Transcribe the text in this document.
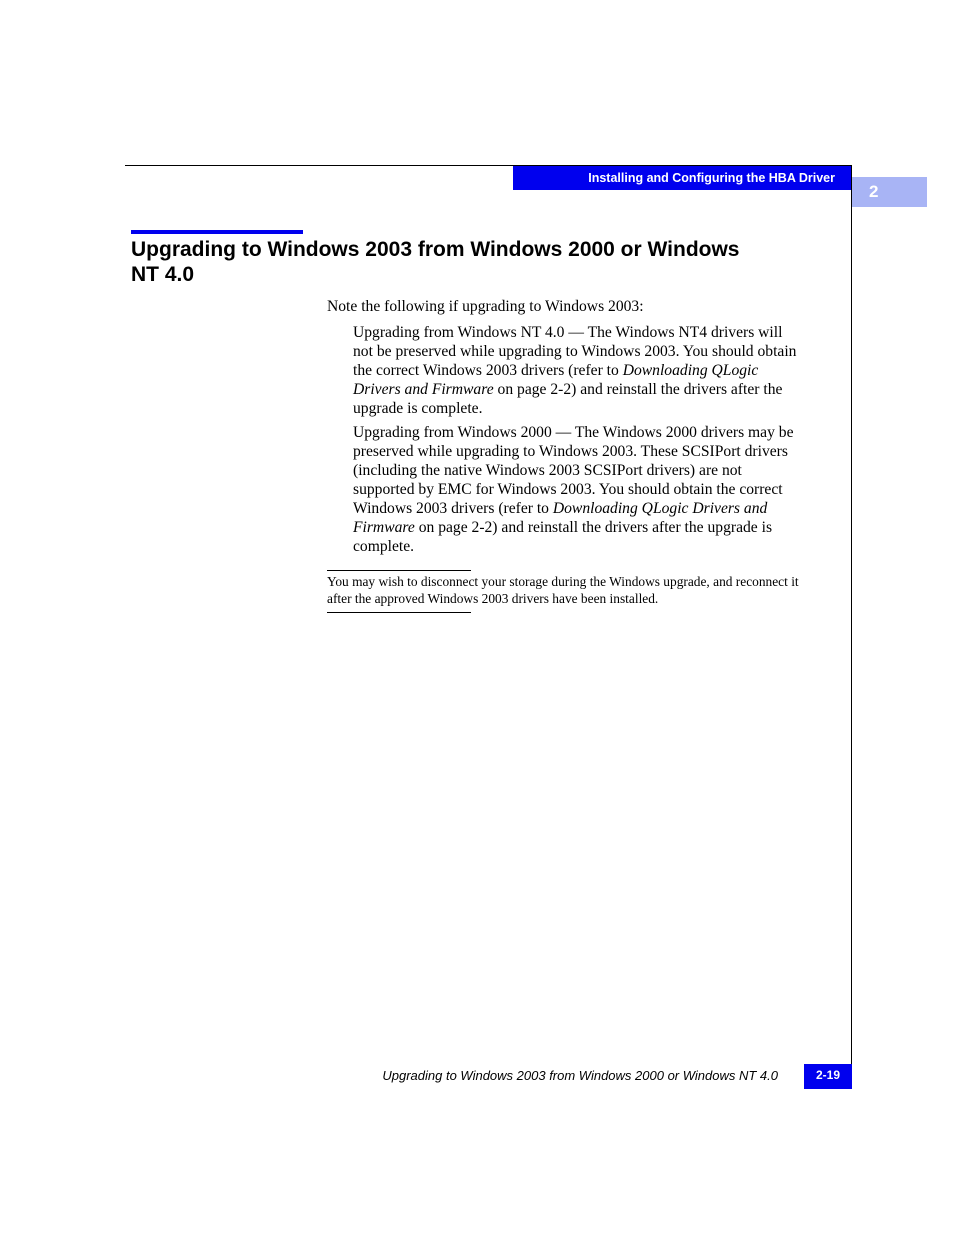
Installing and Configuring the HBA Driver
2
Upgrading to Windows 2003 from Windows 2000 or Windows NT 4.0

Note the following if upgrading to Windows 2003:

Upgrading from Windows NT 4.0 — The Windows NT4 drivers will not be preserved while upgrading to Windows 2003. You should obtain the correct Windows 2003 drivers (refer to Downloading QLogic Drivers and Firmware on page 2-2) and reinstall the drivers after the upgrade is complete.

Upgrading from Windows 2000 — The Windows 2000 drivers may be preserved while upgrading to Windows 2003. These SCSIPort drivers (including the native Windows 2003 SCSIPort drivers) are not supported by EMC for Windows 2003. You should obtain the correct Windows 2003 drivers (refer to Downloading QLogic Drivers and Firmware on page 2-2) and reinstall the drivers after the upgrade is complete.

You may wish to disconnect your storage during the Windows upgrade, and reconnect it after the approved Windows 2003 drivers have been installed.

Upgrading to Windows 2003 from Windows 2000 or Windows NT 4.0	2-19
